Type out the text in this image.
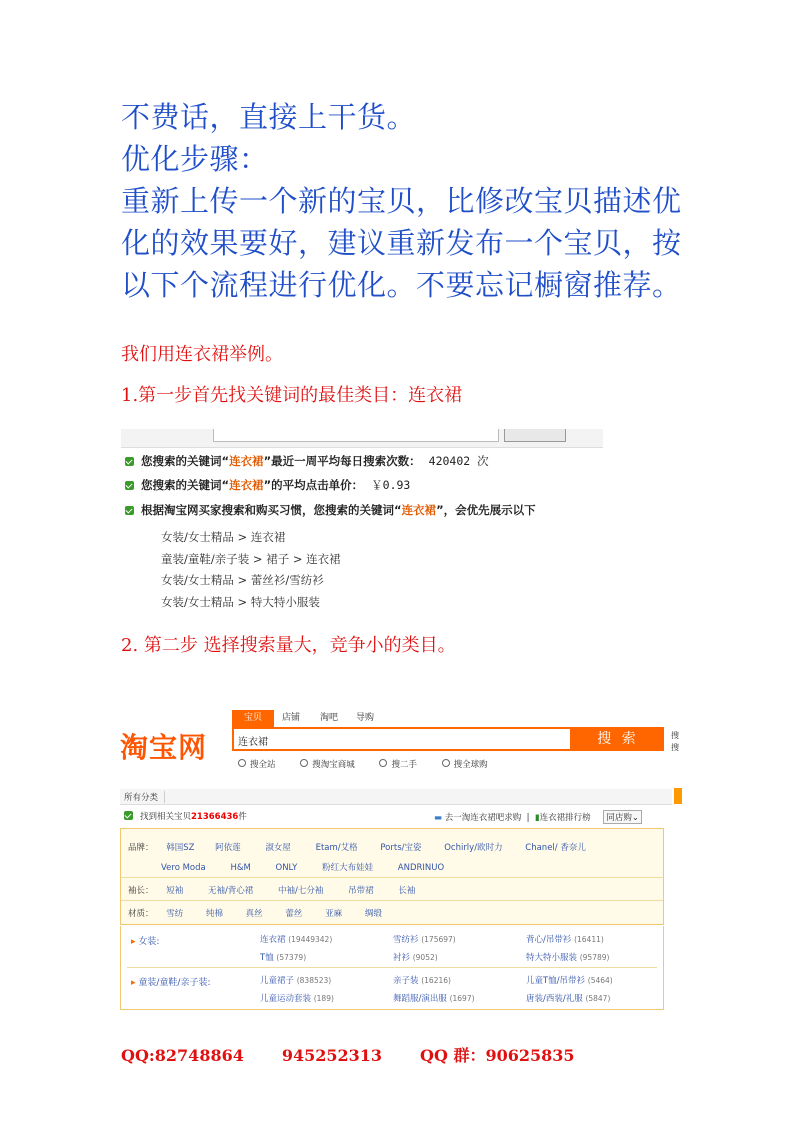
不费话，直接上干货。
优化步骤：
重新上传一个新的宝贝，比修改宝贝描述优
化的效果要好，建议重新发布一个宝贝，按
以下个流程进行优化。不要忘记橱窗推荐。
我们用连衣裙举例。
1.第一步首先找关键词的最佳类目：连衣裙
您搜索的关键词“连衣裙”最近一周平均每日搜索次数： 420402 次
您搜索的关键词“连衣裙”的平均点击单价： ￥0.93
根据淘宝网买家搜索和购买习惯，您搜索的关键词“连衣裙”，会优先展示以下
女装/女士精品 > 连衣裙
童装/童鞋/亲子装 > 裙子 > 连衣裙
女装/女士精品 > 蕾丝衫/雪纺衫
女装/女士精品 > 特大特小服装
2. 第二步 选择搜索量大，竞争小的类目。
淘宝网
宝贝	店铺 淘吧 导购
连衣裙	搜 索	搜
搜
搜全站	搜淘宝商城	搜二手	搜全球购
所有分类
找到相关宝贝21366436件	▬ 去一淘连衣裙吧求购  |  ▮连衣裙排行榜 同店购⌄
品牌： 韩国SZ 阿依莲	淑女屋	Etam/艾格	Ports/宝姿	Ochirly/欧时力	Chanel/ 香奈儿
Vero Moda	H&M	ONLY	粉红大布娃娃	ANDRINUO
袖长： 短袖	无袖/背心裙	中袖/七分袖	吊带裙	长袖
材质： 雪纺	纯棉	真丝	蕾丝	亚麻	绸缎
▸ 女装:	连衣裙 (19449342)	雪纺衫 (175697)	背心/吊带衫 (16411)
T恤 (57379)	衬衫 (9052)	特大特小服装 (95789)
▸ 童装/童鞋/亲子装:	儿童裙子 (838523)	亲子装 (16216)	儿童T恤/吊带衫 (5464)
儿童运动套装 (189)	舞蹈服/演出服 (1697)	唐装/西装/礼服 (5847)
QQ:82748864 945252313 QQ 群：90625835
